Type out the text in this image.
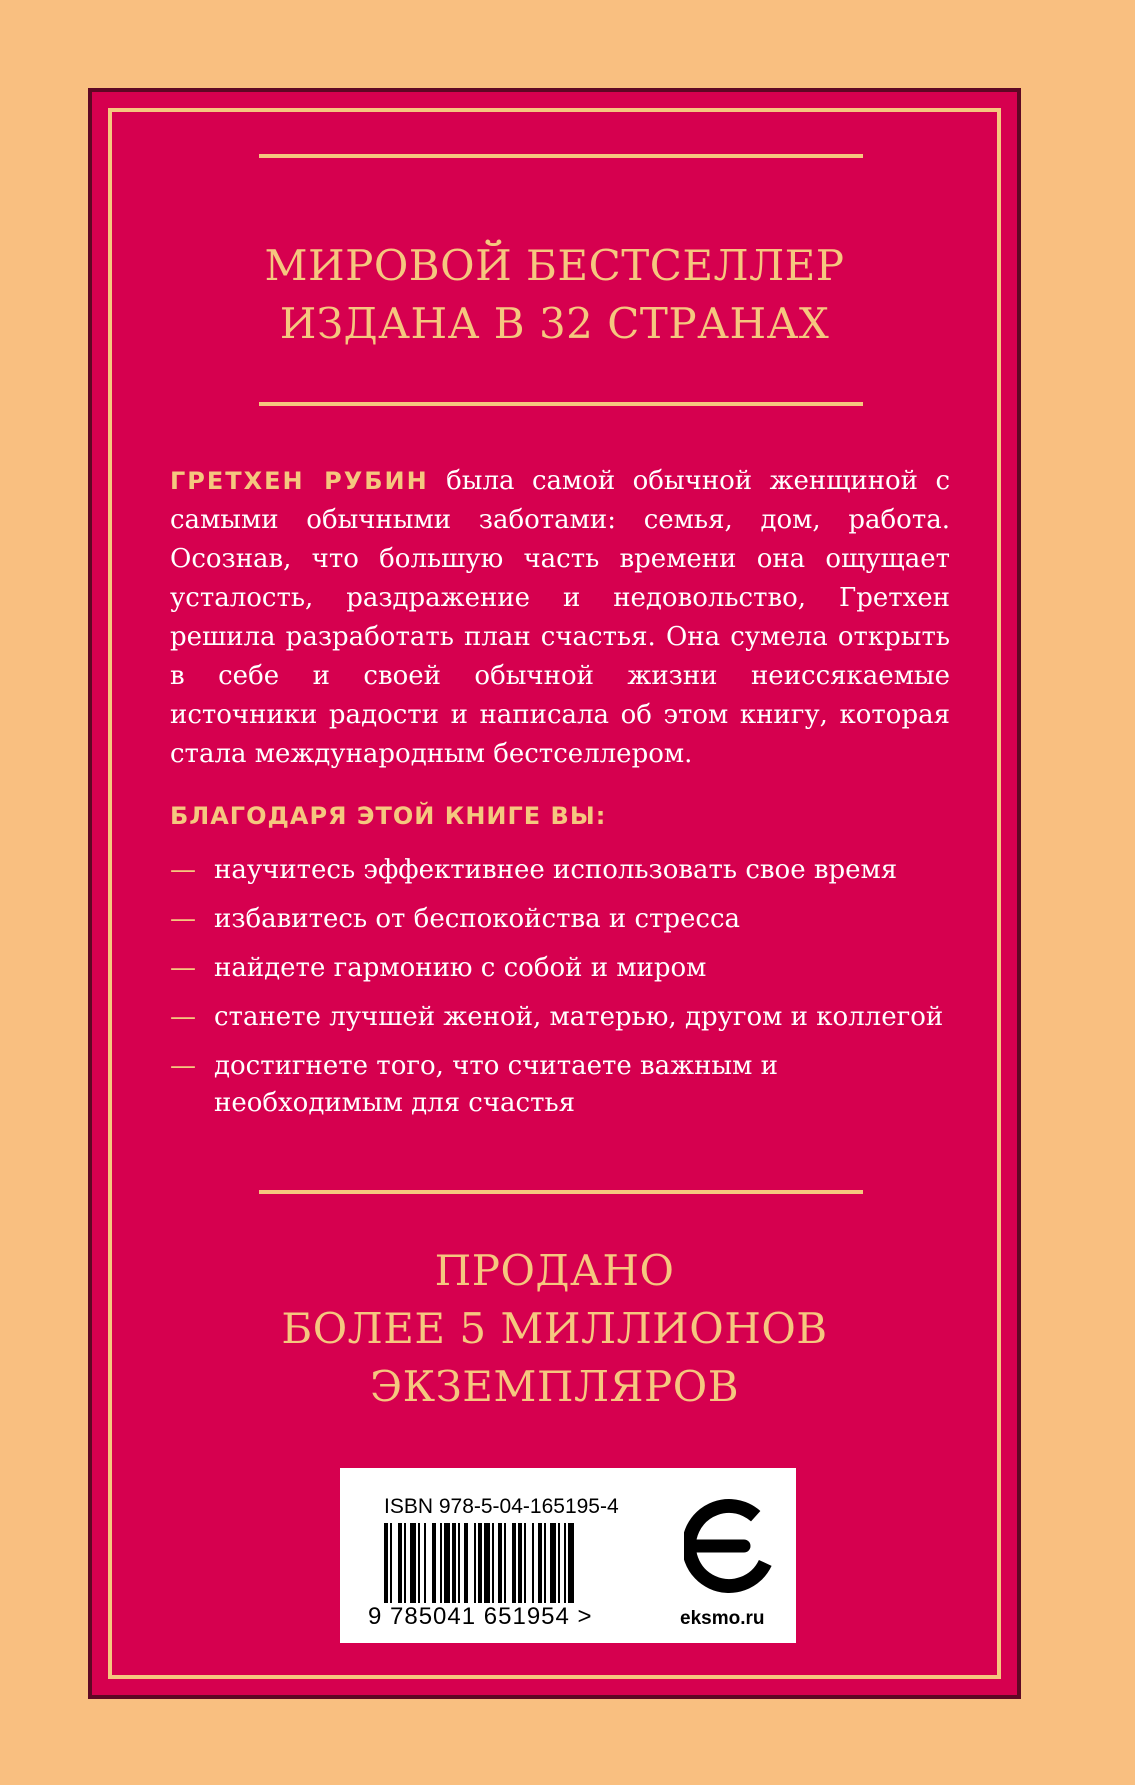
МИРОВОЙ БЕСТСЕЛЛЕР
ИЗДАНА В 32 СТРАНАХ
ГРЕТХЕН РУБИН была самой обычной женщиной с самыми обычными заботами: семья, дом, работа. Осознав, что большую часть времени она ощущает усталость, раздражение и недовольство, Гретхен решила разработать план счастья. Она сумела открыть в себе и своей обычной жизни неиссякаемые источники радости и написала об этом книгу, которая стала международным бестселлером.
БЛАГОДАРЯ ЭТОЙ КНИГЕ ВЫ:
— научитесь эффективнее использовать свое время
— избавитесь от беспокойства и стресса
— найдете гармонию с собой и миром
— станете лучшей женой, матерью, другом и коллегой
— достигнете того, что считаете важным и необходимым для счастья
ПРОДАНО
БОЛЕЕ 5 МИЛЛИОНОВ
ЭКЗЕМПЛЯРОВ
ISBN 978-5-04-165195-4
9 785041 651954 >	eksmo.ru
